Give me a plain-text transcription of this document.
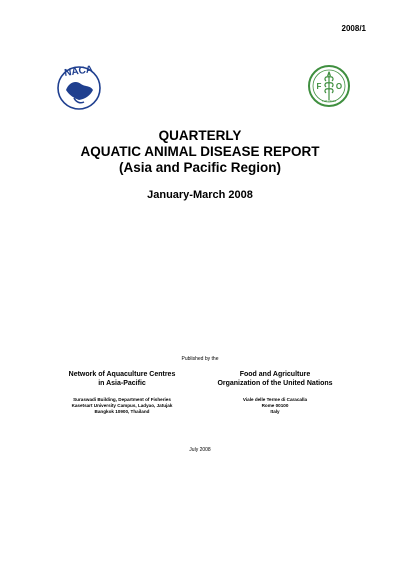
2008/1
NACA
F
A
O
FIAT PANIS
QUARTERLY
AQUATIC ANIMAL DISEASE REPORT
(Asia and Pacific Region)
January-March 2008
Published by the
Network of Aquaculture Centres
in Asia-Pacific
Food and Agriculture
Organization of the United Nations
Suraswadi Building, Department of Fisheries
Kasetsart University Campus, Ladyao, Jatujak
Bangkok 10900, Thailand
Viale delle Terme di Caracalla
Rome 00100
Italy
July 2008
